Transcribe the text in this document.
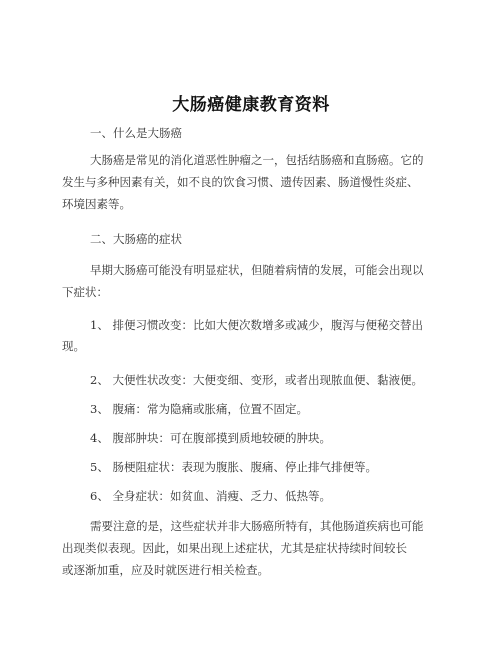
大肠癌健康教育资料
一、什么是大肠癌
大肠癌是常见的消化道恶性肿瘤之一，包括结肠癌和直肠癌。它的
发生与多种因素有关，如不良的饮食习惯、遗传因素、肠道慢性炎症、
环境因素等。
二、大肠癌的症状
早期大肠癌可能没有明显症状，但随着病情的发展，可能会出现以
下症状：
1、 排便习惯改变：比如大便次数增多或减少，腹泻与便秘交替出
现。
2、 大便性状改变：大便变细、变形，或者出现脓血便、黏液便。
3、 腹痛：常为隐痛或胀痛，位置不固定。
4、 腹部肿块：可在腹部摸到质地较硬的肿块。
5、 肠梗阻症状：表现为腹胀、腹痛、停止排气排便等。
6、 全身症状：如贫血、消瘦、乏力、低热等。
需要注意的是，这些症状并非大肠癌所特有，其他肠道疾病也可能
出现类似表现。因此，如果出现上述症状，尤其是症状持续时间较长
或逐渐加重，应及时就医进行相关检查。
